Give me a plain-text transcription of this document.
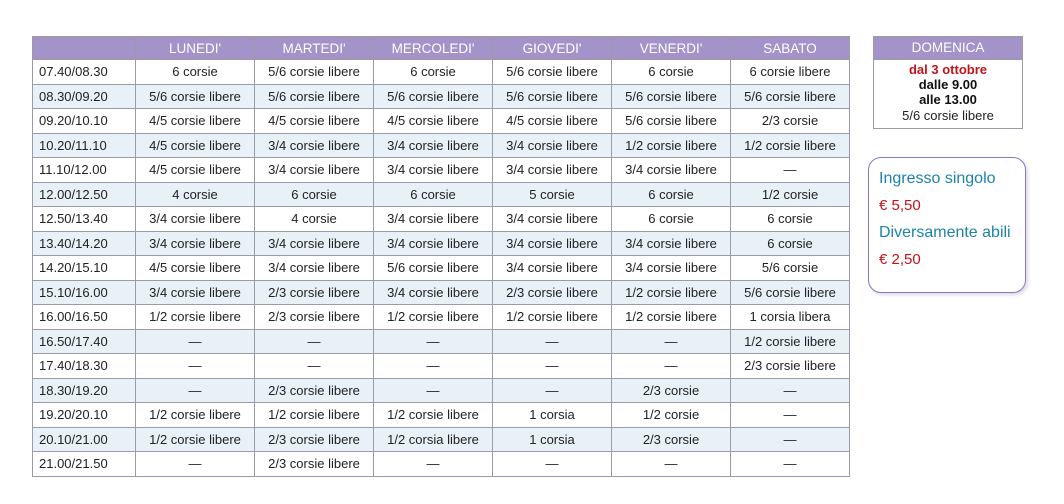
	LUNEDI'	MARTEDI'	MERCOLEDI'	GIOVEDI'	VENERDI'	SABATO
07.40/08.30	6 corsie	5/6 corsie libere	6 corsie	5/6 corsie libere	6 corsie	6 corsie libere
08.30/09.20	5/6 corsie libere	5/6 corsie libere	5/6 corsie libere	5/6 corsie libere	5/6 corsie libere	5/6 corsie libere
09.20/10.10	4/5 corsie libere	4/5 corsie libere	4/5 corsie libere	4/5 corsie libere	5/6 corsie libere	2/3 corsie
10.20/11.10	4/5 corsie libere	3/4 corsie libere	3/4 corsie libere	3/4 corsie libere	1/2 corsie libere	1/2 corsie libere
11.10/12.00	4/5 corsie libere	3/4 corsie libere	3/4 corsie libere	3/4 corsie libere	3/4 corsie libere	—
12.00/12.50	4 corsie	6 corsie	6 corsie	5 corsie	6 corsie	1/2 corsie
12.50/13.40	3/4 corsie libere	4 corsie	3/4 corsie libere	3/4 corsie libere	6 corsie	6 corsie
13.40/14.20	3/4 corsie libere	3/4 corsie libere	3/4 corsie libere	3/4 corsie libere	3/4 corsie libere	6 corsie
14.20/15.10	4/5 corsie libere	3/4 corsie libere	5/6 corsie libere	3/4 corsie libere	3/4 corsie libere	5/6 corsie
15.10/16.00	3/4 corsie libere	2/3 corsie libere	3/4 corsie libere	2/3 corsie libere	1/2 corsie libere	5/6 corsie libere
16.00/16.50	1/2 corsie libere	2/3 corsie libere	1/2 corsie libere	1/2 corsie libere	1/2 corsie libere	1 corsia libera
16.50/17.40	—	—	—	—	—	1/2 corsie libere
17.40/18.30	—	—	—	—	—	2/3 corsie libere
18.30/19.20	—	2/3 corsie libere	—	—	2/3 corsie	—
19.20/20.10	1/2 corsie libere	1/2 corsie libere	1/2 corsie libere	1 corsia	1/2 corsie	—
20.10/21.00	1/2 corsie libere	2/3 corsie libere	1/2 corsia libere	1 corsia	2/3 corsie	—
21.00/21.50	—	2/3 corsie libere	—	—	—	—
DOMENICA
dal 3 ottobre
dalle 9.00
alle 13.00
5/6 corsie libere
Ingresso singolo
€ 5,50
Diversamente abili
€ 2,50
